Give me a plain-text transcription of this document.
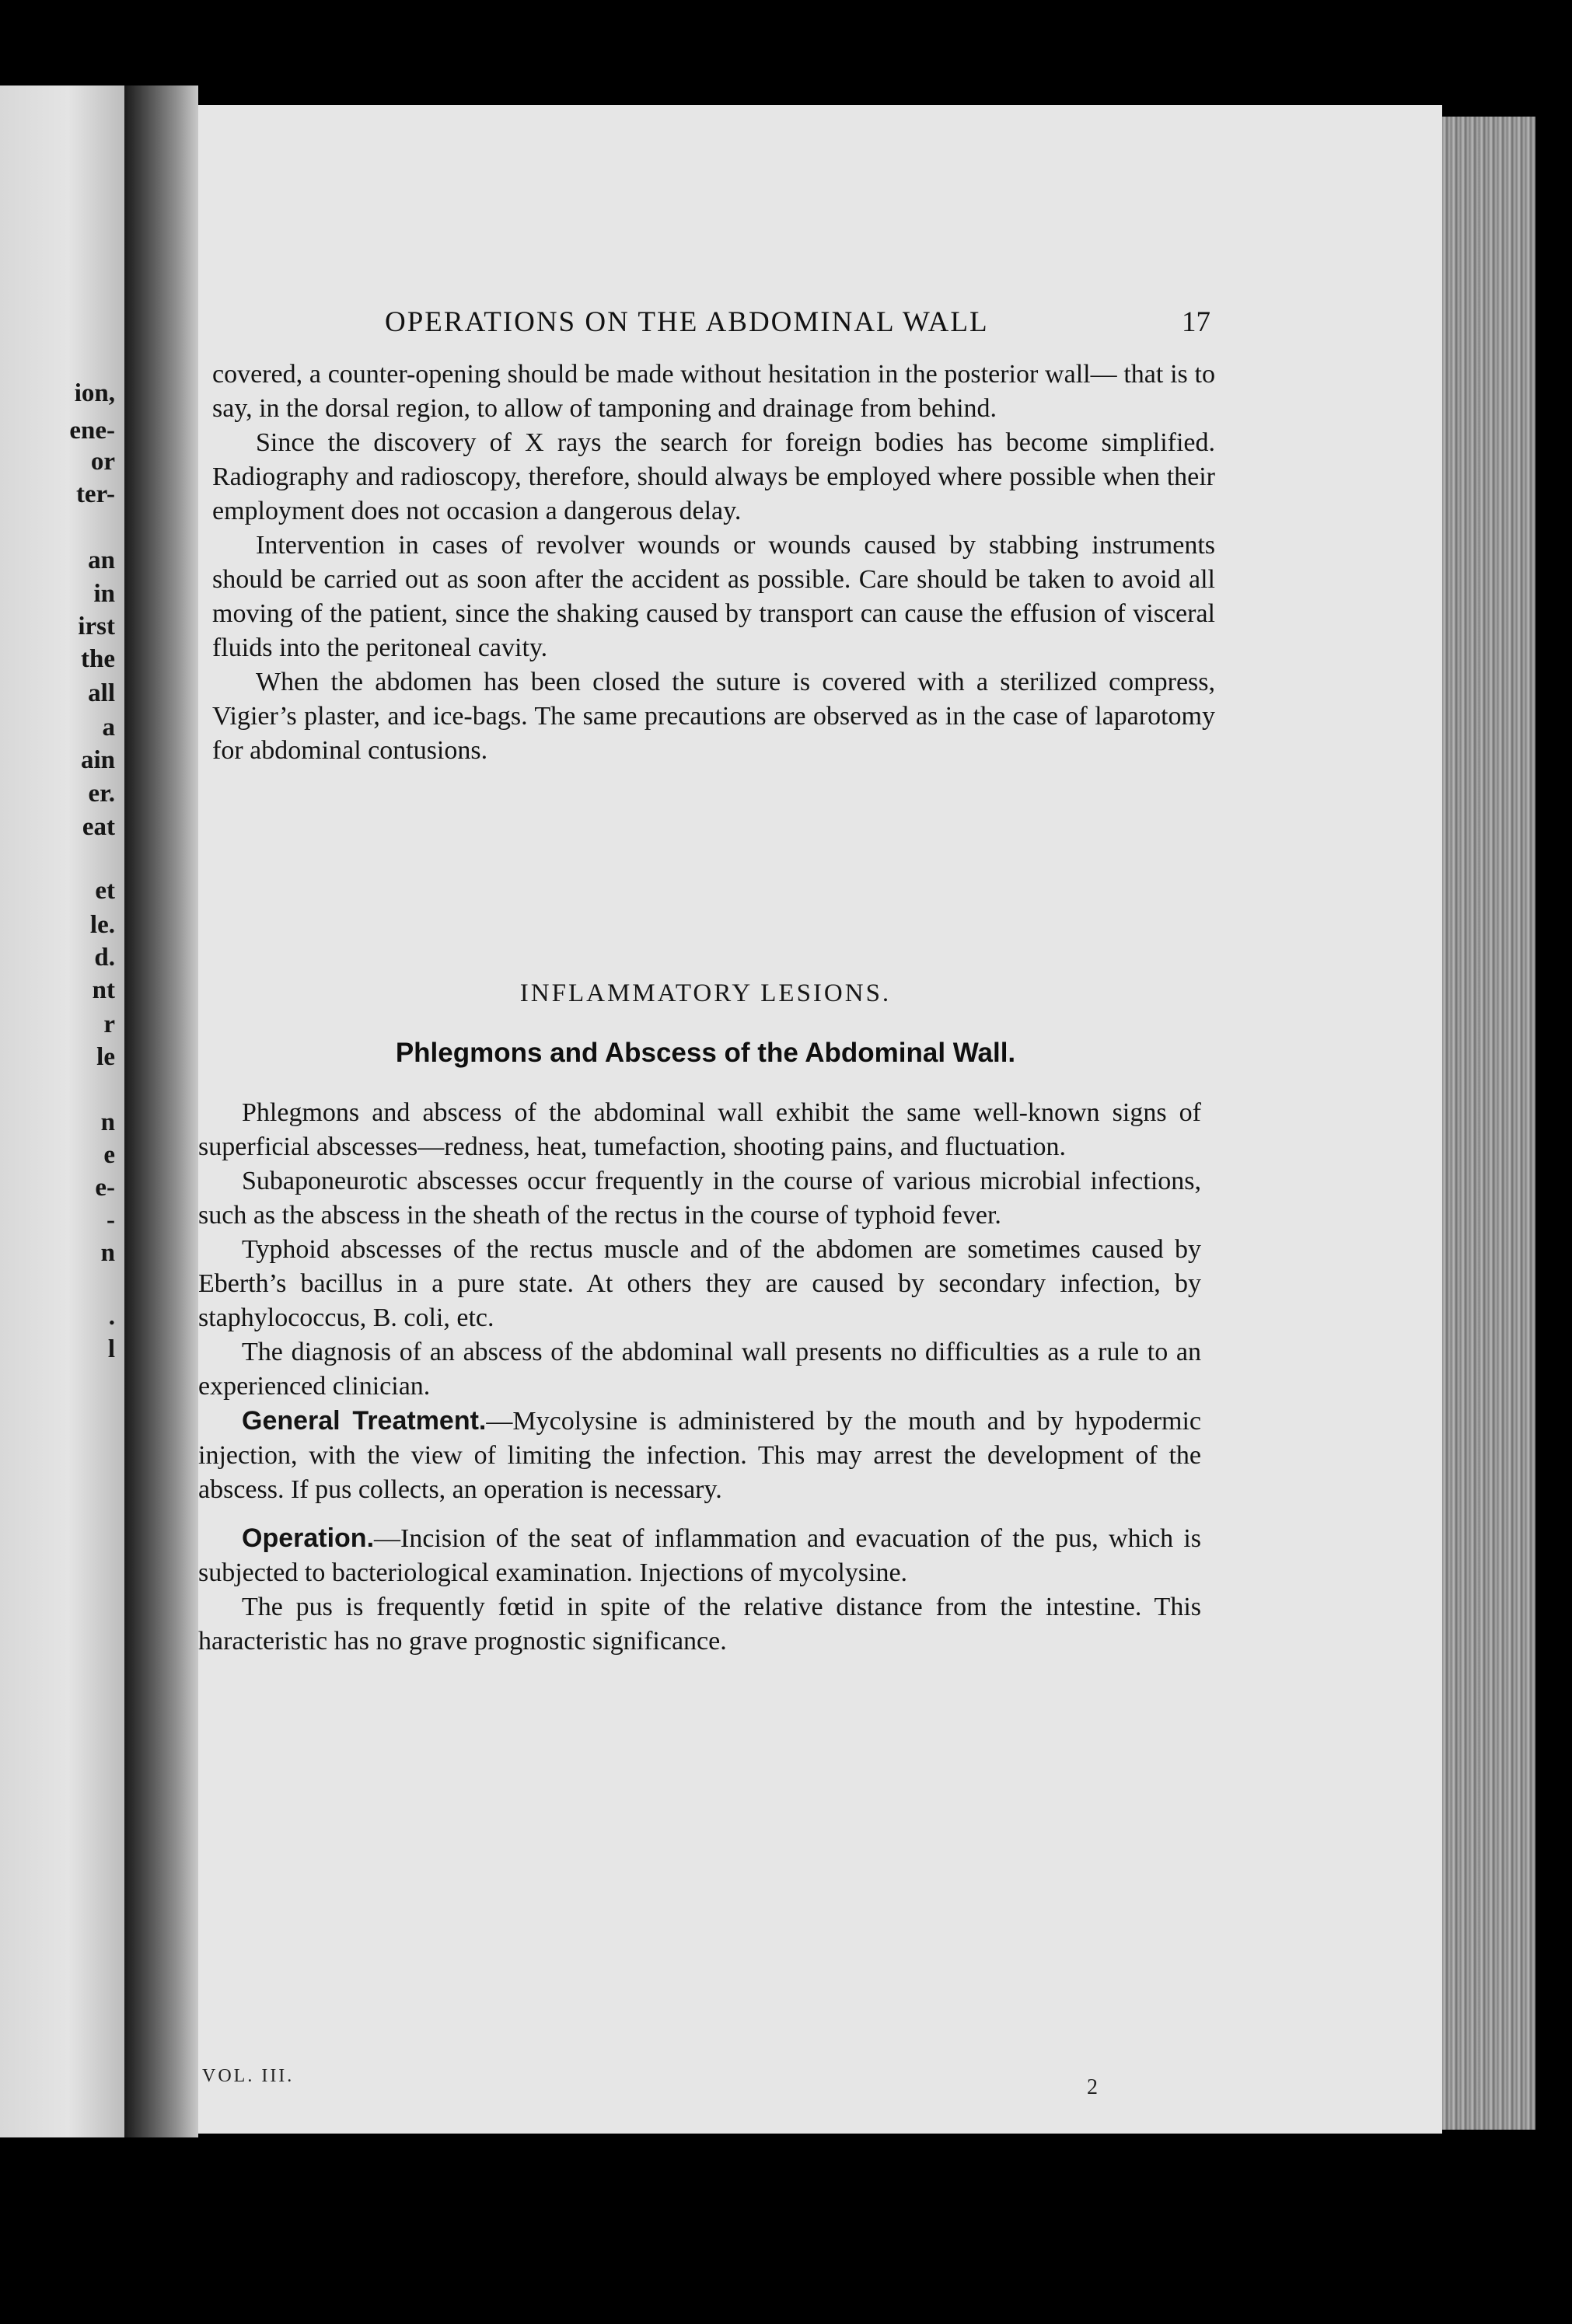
ion,
ene-
or
ter-
an
in
irst
the
all
a
ain
er.
eat
et
le.
d.
nt
r
le
n
e
e-
-
n
.
l
OPERATIONS ON THE ABDOMINAL WALL	17

covered, a counter-opening should be made without hesitation in the posterior wall— that is to say, in the dorsal region, to allow of tamponing and drainage from behind.

Since the discovery of X rays the search for foreign bodies has become simplified. Radiography and radioscopy, therefore, should always be employed where possible when their employment does not occasion a dangerous delay.

Intervention in cases of revolver wounds or wounds caused by stabbing instruments should be carried out as soon after the accident as possible. Care should be taken to avoid all moving of the patient, since the shaking caused by transport can cause the effusion of visceral fluids into the peritoneal cavity.

When the abdomen has been closed the suture is covered with a sterilized compress, Vigier’s plaster, and ice-bags. The same precautions are observed as in the case of laparotomy for abdominal contusions.

INFLAMMATORY LESIONS.
Phlegmons and Abscess of the Abdominal Wall.

Phlegmons and abscess of the abdominal wall exhibit the same well-known signs of superficial abscesses—redness, heat, tumefaction, shooting pains, and fluctuation.

Subaponeurotic abscesses occur frequently in the course of various microbial infections, such as the abscess in the sheath of the rectus in the course of typhoid fever.

Typhoid abscesses of the rectus muscle and of the abdomen are sometimes caused by Eberth’s bacillus in a pure state. At others they are caused by secondary infection, by staphylococcus, B. coli, etc.

The diagnosis of an abscess of the abdominal wall presents no difficulties as a rule to an experienced clinician.

General Treatment.—Mycolysine is administered by the mouth and by hypodermic injection, with the view of limiting the infection. This may arrest the development of the abscess. If pus collects, an operation is necessary.

Operation.—Incision of the seat of inflammation and evacuation of the pus, which is subjected to bacteriological examination. Injections of mycolysine.

The pus is frequently fœtid in spite of the relative distance from the intestine. This haracteristic has no grave prognostic significance.

VOL. III.	2
